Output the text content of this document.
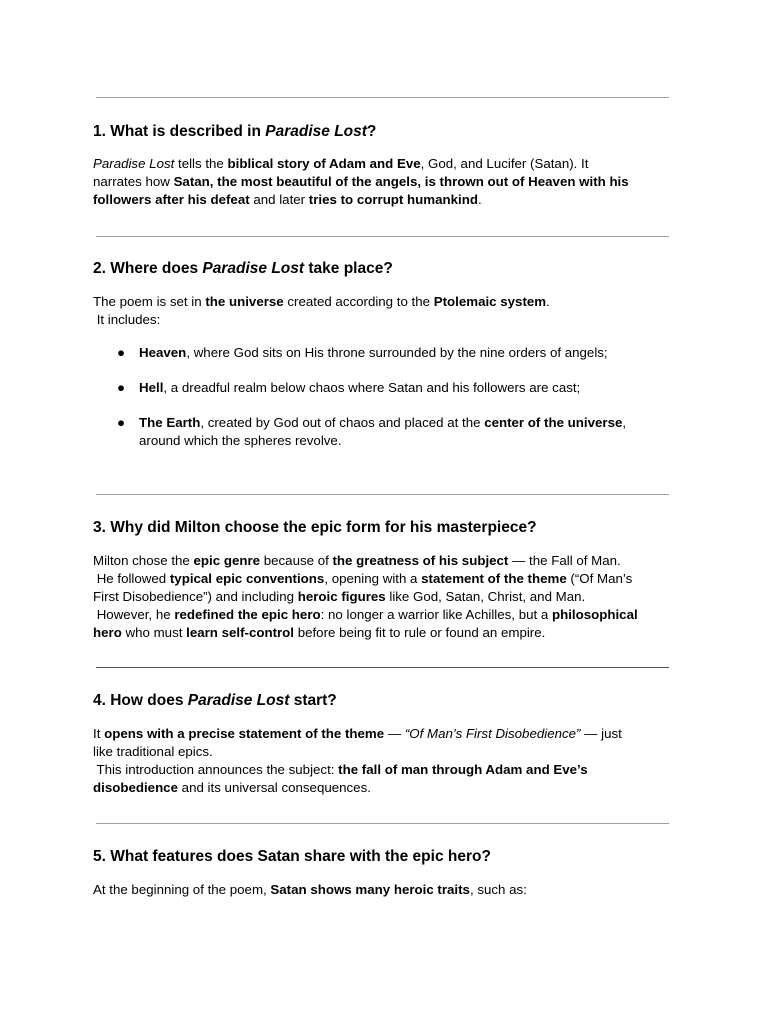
1. What is described in Paradise Lost?
Paradise Lost tells the biblical story of Adam and Eve, God, and Lucifer (Satan). It
narrates how Satan, the most beautiful of the angels, is thrown out of Heaven with his
followers after his defeat and later tries to corrupt humankind.
2. Where does Paradise Lost take place?
The poem is set in the universe created according to the Ptolemaic system.
It includes:
● Heaven, where God sits on His throne surrounded by the nine orders of angels;
● Hell, a dreadful realm below chaos where Satan and his followers are cast;
● The Earth, created by God out of chaos and placed at the center of the universe,
around which the spheres revolve.
3. Why did Milton choose the epic form for his masterpiece?
Milton chose the epic genre because of the greatness of his subject — the Fall of Man.
He followed typical epic conventions, opening with a statement of the theme (“Of Man’s
First Disobedience”) and including heroic figures like God, Satan, Christ, and Man.
However, he redefined the epic hero: no longer a warrior like Achilles, but a philosophical
hero who must learn self-control before being fit to rule or found an empire.
4. How does Paradise Lost start?
It opens with a precise statement of the theme — “Of Man’s First Disobedience” — just
like traditional epics.
This introduction announces the subject: the fall of man through Adam and Eve’s
disobedience and its universal consequences.
5. What features does Satan share with the epic hero?
At the beginning of the poem, Satan shows many heroic traits, such as:
